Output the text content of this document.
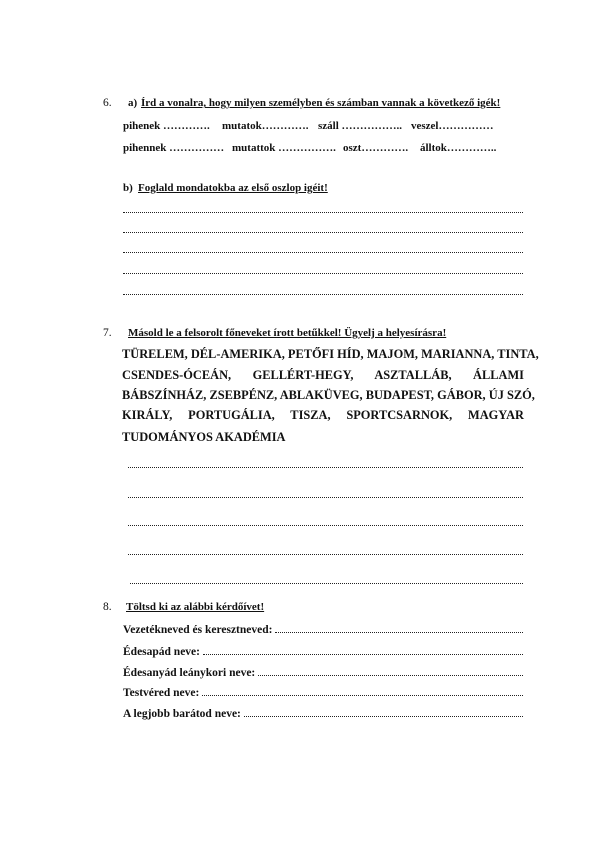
6. a) Írd a vonalra, hogy milyen személyben és számban vannak a következő igék!
pihenek …………. mutatok…………. száll …………….. veszel……………
pihennek …………… mutattok ……………. oszt…………. álltok…………..
b) Foglald mondatokba az első oszlop igéit!
7. Másold le a felsorolt főneveket írott betűkkel! Ügyelj a helyesírásra!
TÜRELEM, DÉL-AMERIKA, PETŐFI HÍD, MAJOM, MARIANNA, TINTA,
CSENDES-ÓCEÁN, GELLÉRT-HEGY, ASZTALLÁB, ÁLLAMI
BÁBSZÍNHÁZ, ZSEBPÉNZ, ABLAKÜVEG, BUDAPEST, GÁBOR, ÚJ SZÓ,
KIRÁLY, PORTUGÁLIA, TISZA, SPORTCSARNOK, MAGYAR
TUDOMÁNYOS AKADÉMIA
8. Töltsd ki az alábbi kérdőívet!
Vezetékneved és keresztneved:
Édesapád neve:
Édesanyád leánykori neve:
Testvéred neve:
A legjobb barátod neve:
